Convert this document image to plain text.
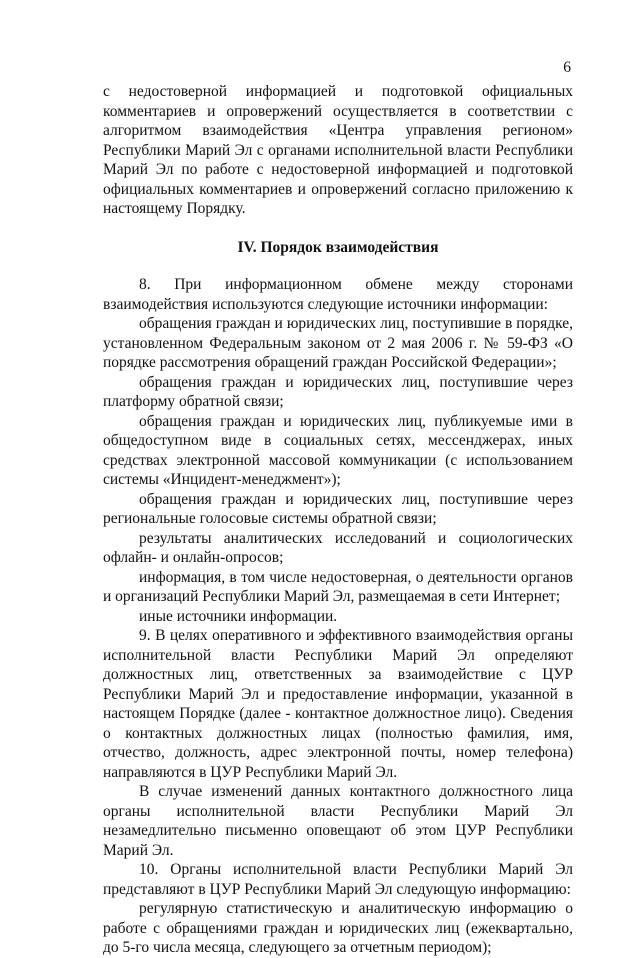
6

с недостоверной информацией и подготовкой официальных комментариев и опровержений осуществляется в соответствии с алгоритмом взаимодействия «Центра управления регионом» Республики Марий Эл с органами исполнительной власти Республики Марий Эл по работе с недостоверной информацией и подготовкой официальных комментариев и опровержений согласно приложению к настоящему Порядку.

IV. Порядок взаимодействия

8. При информационном обмене между сторонами взаимодействия используются следующие источники информации:

обращения граждан и юридических лиц, поступившие в порядке, установленном Федеральным законом от 2 мая 2006 г. № 59-ФЗ «О порядке рассмотрения обращений граждан Российской Федерации»;

обращения граждан и юридических лиц, поступившие через платформу обратной связи;

обращения граждан и юридических лиц, публикуемые ими в общедоступном виде в социальных сетях, мессенджерах, иных средствах электронной массовой коммуникации (с использованием системы «Инцидент-менеджмент»);

обращения граждан и юридических лиц, поступившие через региональные голосовые системы обратной связи;

результаты аналитических исследований и социологических офлайн- и онлайн-опросов;

информация, в том числе недостоверная, о деятельности органов и организаций Республики Марий Эл, размещаемая в сети Интернет;

иные источники информации.

9. В целях оперативного и эффективного взаимодействия органы исполнительной власти Республики Марий Эл определяют должностных лиц, ответственных за взаимодействие с ЦУР Республики Марий Эл и предоставление информации, указанной в настоящем Порядке (далее - контактное должностное лицо). Сведения о контактных должностных лицах (полностью фамилия, имя, отчество, должность, адрес электронной почты, номер телефона) направляются в ЦУР Республики Марий Эл.

В случае изменений данных контактного должностного лица органы исполнительной власти Республики Марий Эл незамедлительно письменно оповещают об этом ЦУР Республики Марий Эл.

10. Органы исполнительной власти Республики Марий Эл представляют в ЦУР Республики Марий Эл следующую информацию:

регулярную статистическую и аналитическую информацию о работе с обращениями граждан и юридических лиц (ежеквартально, до 5-го числа месяца, следующего за отчетным периодом);
